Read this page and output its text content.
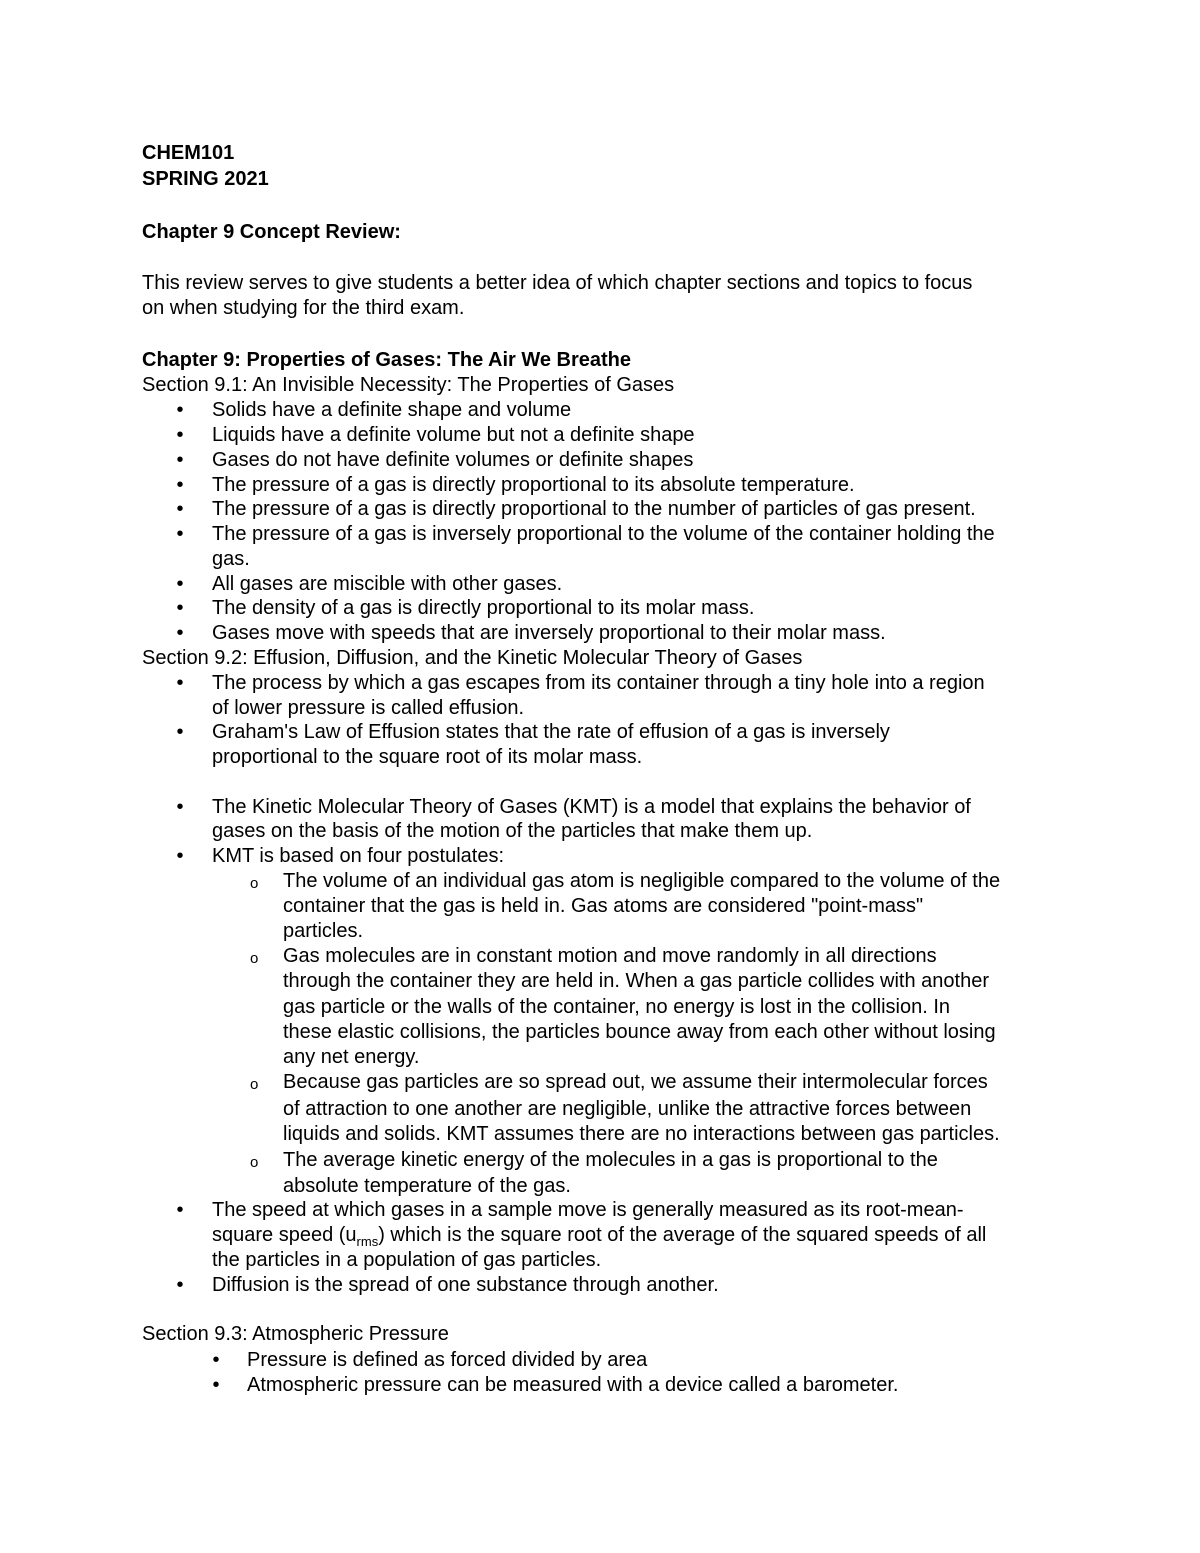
CHEM101
SPRING 2021
Chapter 9 Concept Review:
This review serves to give students a better idea of which chapter sections and topics to focus
on when studying for the third exam.
Chapter 9: Properties of Gases: The Air We Breathe
Section 9.1: An Invisible Necessity: The Properties of Gases
• Solids have a definite shape and volume
• Liquids have a definite volume but not a definite shape
• Gases do not have definite volumes or definite shapes
• The pressure of a gas is directly proportional to its absolute temperature.
• The pressure of a gas is directly proportional to the number of particles of gas present.
• The pressure of a gas is inversely proportional to the volume of the container holding the
gas.
• All gases are miscible with other gases.
• The density of a gas is directly proportional to its molar mass.
• Gases move with speeds that are inversely proportional to their molar mass.
Section 9.2: Effusion, Diffusion, and the Kinetic Molecular Theory of Gases
• The process by which a gas escapes from its container through a tiny hole into a region
of lower pressure is called effusion.
• Graham's Law of Effusion states that the rate of effusion of a gas is inversely
proportional to the square root of its molar mass.
• The Kinetic Molecular Theory of Gases (KMT) is a model that explains the behavior of
gases on the basis of the motion of the particles that make them up.
• KMT is based on four postulates:
o The volume of an individual gas atom is negligible compared to the volume of the
container that the gas is held in. Gas atoms are considered "point-mass"
particles.
o Gas molecules are in constant motion and move randomly in all directions
through the container they are held in. When a gas particle collides with another
gas particle or the walls of the container, no energy is lost in the collision. In
these elastic collisions, the particles bounce away from each other without losing
any net energy.
o Because gas particles are so spread out, we assume their intermolecular forces
of attraction to one another are negligible, unlike the attractive forces between
liquids and solids. KMT assumes there are no interactions between gas particles.
o The average kinetic energy of the molecules in a gas is proportional to the
absolute temperature of the gas.
• The speed at which gases in a sample move is generally measured as its root-mean-
square speed $(u_{rms})$ which is the square root of the average of the squared speeds of all
the particles in a population of gas particles.
• Diffusion is the spread of one substance through another.
Section 9.3: Atmospheric Pressure
• Pressure is defined as forced divided by area
• Atmospheric pressure can be measured with a device called a barometer.
